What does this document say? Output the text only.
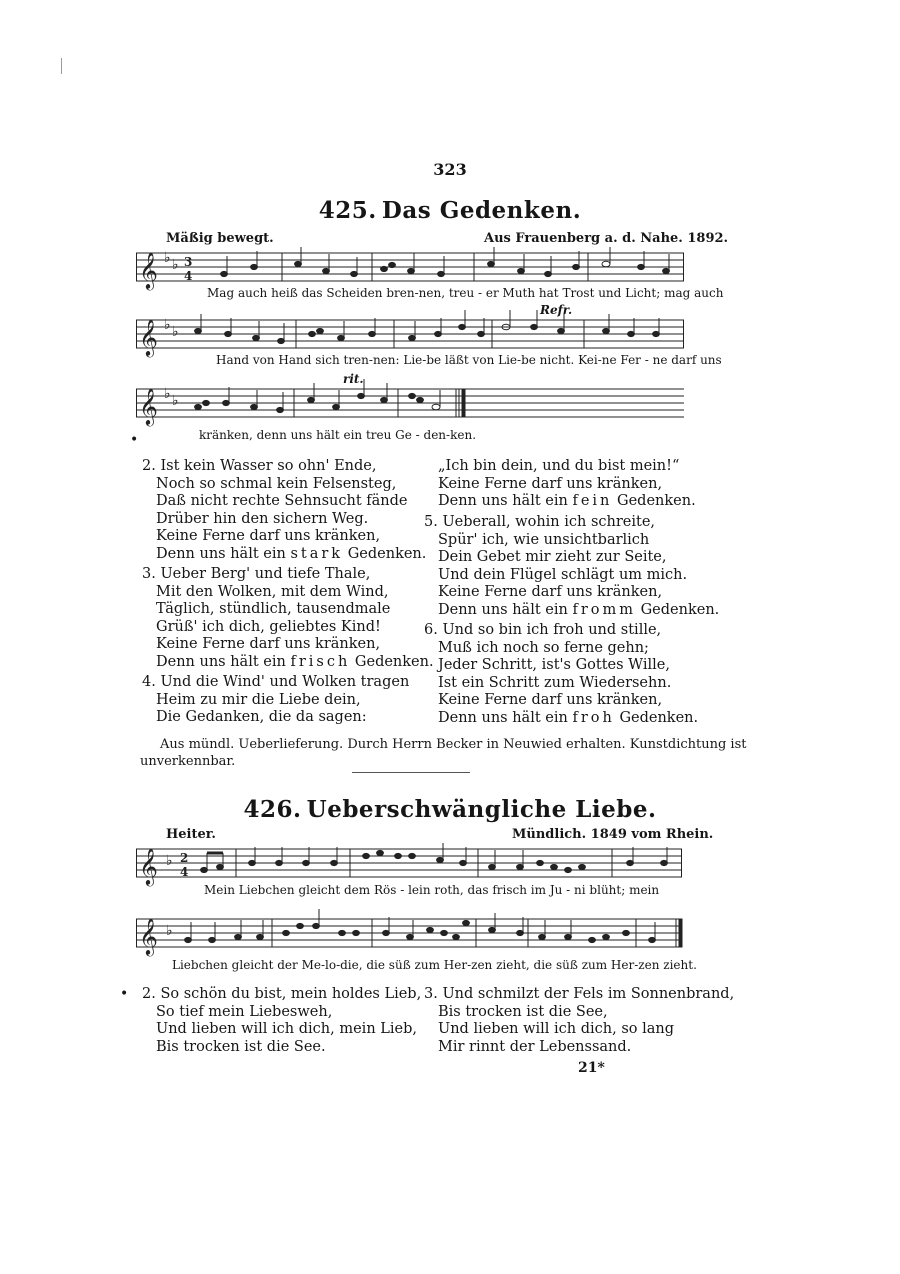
323
425. Das Gedenken.
Mäßig bewegt.	Aus Frauenberg a. d. Nahe. 1892.
𝄞 ♭ ♭ 3
4
Mag auch heiß das Scheiden bren-nen, treu - er Muth hat Trost und Licht; mag auch
Refr.
𝄞 ♭ ♭
Hand von Hand sich tren-nen: Lie-be läßt von Lie-be nicht. Kei-ne Fer - ne darf uns
rit.
𝄞 ♭ ♭
kränken, denn uns hält ein treu Ge - den-ken.
•
2. Ist kein Wasser so ohn' Ende,
Noch so schmal kein Felsensteg,
Daß nicht rechte Sehnsucht fände
Drüber hin den sichern Weg.
Keine Ferne darf uns kränken,
Denn uns hält ein stark Gedenken.
3. Ueber Berg' und tiefe Thale,
Mit den Wolken, mit dem Wind,
Täglich, stündlich, tausendmale
Grüß' ich dich, geliebtes Kind!
Keine Ferne darf uns kränken,
Denn uns hält ein frisch Gedenken.
4. Und die Wind' und Wolken tragen
Heim zu mir die Liebe dein,
Die Gedanken, die da sagen:
„Ich bin dein, und du bist mein!“
Keine Ferne darf uns kränken,
Denn uns hält ein fein Gedenken.
5. Ueberall, wohin ich schreite,
Spür' ich, wie unsichtbarlich
Dein Gebet mir zieht zur Seite,
Und dein Flügel schlägt um mich.
Keine Ferne darf uns kränken,
Denn uns hält ein fromm Gedenken.
6. Und so bin ich froh und stille,
Muß ich noch so ferne gehn;
Jeder Schritt, ist's Gottes Wille,
Ist ein Schritt zum Wiedersehn.
Keine Ferne darf uns kränken,
Denn uns hält ein froh Gedenken.
Aus mündl. Ueberlieferung. Durch Herrn Becker in Neuwied erhalten. Kunstdichtung ist
unverkennbar.
426. Ueberschwängliche Liebe.
Heiter.	Mündlich. 1849 vom Rhein.
𝄞 ♭ 2
4
Mein Liebchen gleicht dem Rös - lein roth, das frisch im Ju - ni blüht; mein
𝄞 ♭
Liebchen gleicht der Me-lo-die, die süß zum Her-zen zieht, die süß zum Her-zen zieht.
• 2. So schön du bist, mein holdes Lieb,
So tief mein Liebesweh,
Und lieben will ich dich, mein Lieb,
Bis trocken ist die See.
3. Und schmilzt der Fels im Sonnenbrand,
Bis trocken ist die See,
Und lieben will ich dich, so lang
Mir rinnt der Lebenssand.
21*
